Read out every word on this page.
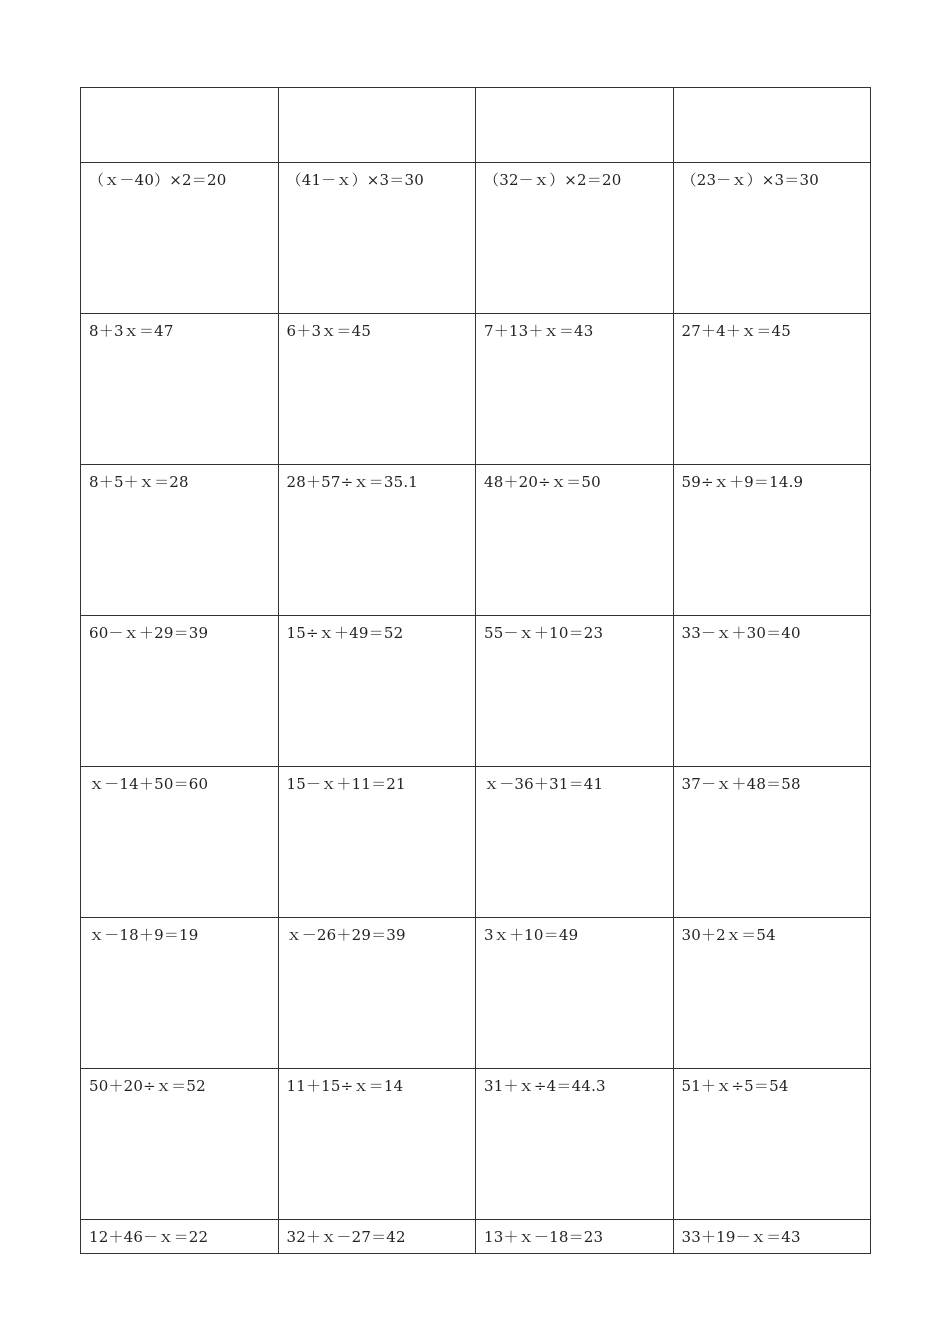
（ｘ－40）×2＝20	（41－ｘ）×3＝30	（32－ｘ）×2＝20	（23－ｘ）×3＝30
8＋3ｘ＝47	6＋3ｘ＝45	7＋13＋ｘ＝43	27＋4＋ｘ＝45
8＋5＋ｘ＝28	28＋57÷ｘ＝35.1	48＋20÷ｘ＝50	59÷ｘ＋9＝14.9
60－ｘ＋29＝39	15÷ｘ＋49＝52	55－ｘ＋10＝23	33－ｘ＋30＝40
ｘ－14＋50＝60	15－ｘ＋11＝21	ｘ－36＋31＝41	37－ｘ＋48＝58
ｘ－18＋9＝19	ｘ－26＋29＝39	3ｘ＋10＝49	30＋2ｘ＝54
50＋20÷ｘ＝52	11＋15÷ｘ＝14	31＋ｘ÷4＝44.3	51＋ｘ÷5＝54
12＋46－ｘ＝22	32＋ｘ－27＝42	13＋ｘ－18＝23	33＋19－ｘ＝43
